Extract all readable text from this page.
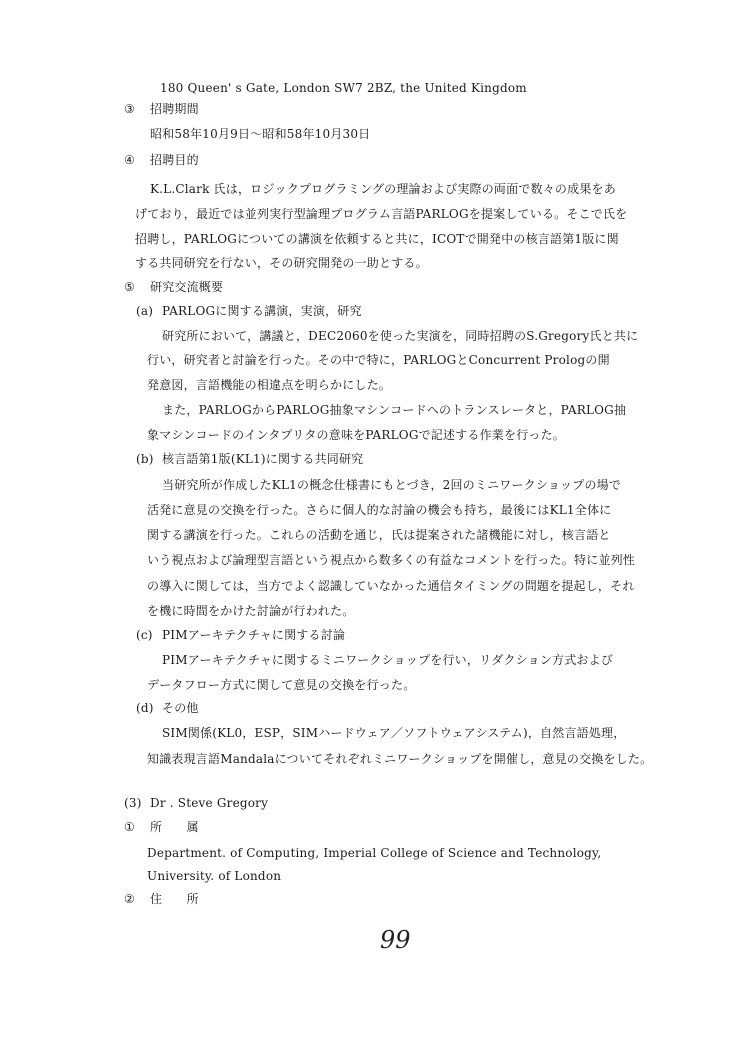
180 Queen' s Gate, London SW7 2BZ, the United Kingdom
③ 招聘期間
昭和58年10月9日～昭和58年10月30日
④ 招聘目的
K.L.Clark 氏は，ロジックプログラミングの理論および実際の両面で数々の成果をあ
げており，最近では並列実行型論理プログラム言語PARLOGを提案している。そこで氏を
招聘し，PARLOGについての講演を依頼すると共に，ICOTで開発中の核言語第1版に関
する共同研究を行ない，その研究開発の一助とする。
⑤ 研究交流概要
(a) PARLOGに関する講演，実演，研究
研究所において，講議と，DEC2060を使った実演を，同時招聘のS.Gregory氏と共に
行い，研究者と討論を行った。その中で特に，PARLOGとConcurrent Prologの開
発意図，言語機能の相違点を明らかにした。
また，PARLOGからPARLOG抽象マシンコードへのトランスレータと，PARLOG抽
象マシンコードのインタプリタの意味をPARLOGで記述する作業を行った。
(b) 核言語第1版(KL1)に関する共同研究
当研究所が作成したKL1の概念仕様書にもとづき，2回のミニワークショップの場で
活発に意見の交換を行った。さらに個人的な討論の機会も持ち，最後にはKL1全体に
関する講演を行った。これらの活動を通じ，氏は提案された諸機能に対し，核言語と
いう視点および論理型言語という視点から数多くの有益なコメントを行った。特に並列性
の導入に関しては，当方でよく認識していなかった通信タイミングの問題を提起し，それ
を機に時間をかけた討論が行われた。
(c) PIMアーキテクチャに関する討論
PIMアーキテクチャに関するミニワークショップを行い，リダクション方式および
データフロー方式に関して意見の交換を行った。
(d) その他
SIM関係(KL0，ESP，SIMハードウェア／ソフトウェアシステム)，自然言語処理，
知識表現言語Mandalaについてそれぞれミニワークショップを開催し，意見の交換をした。
(3) Dr . Steve Gregory
① 所　　属
Department. of Computing, Imperial College of Science and Technology,
University. of London
② 住　　所
99
